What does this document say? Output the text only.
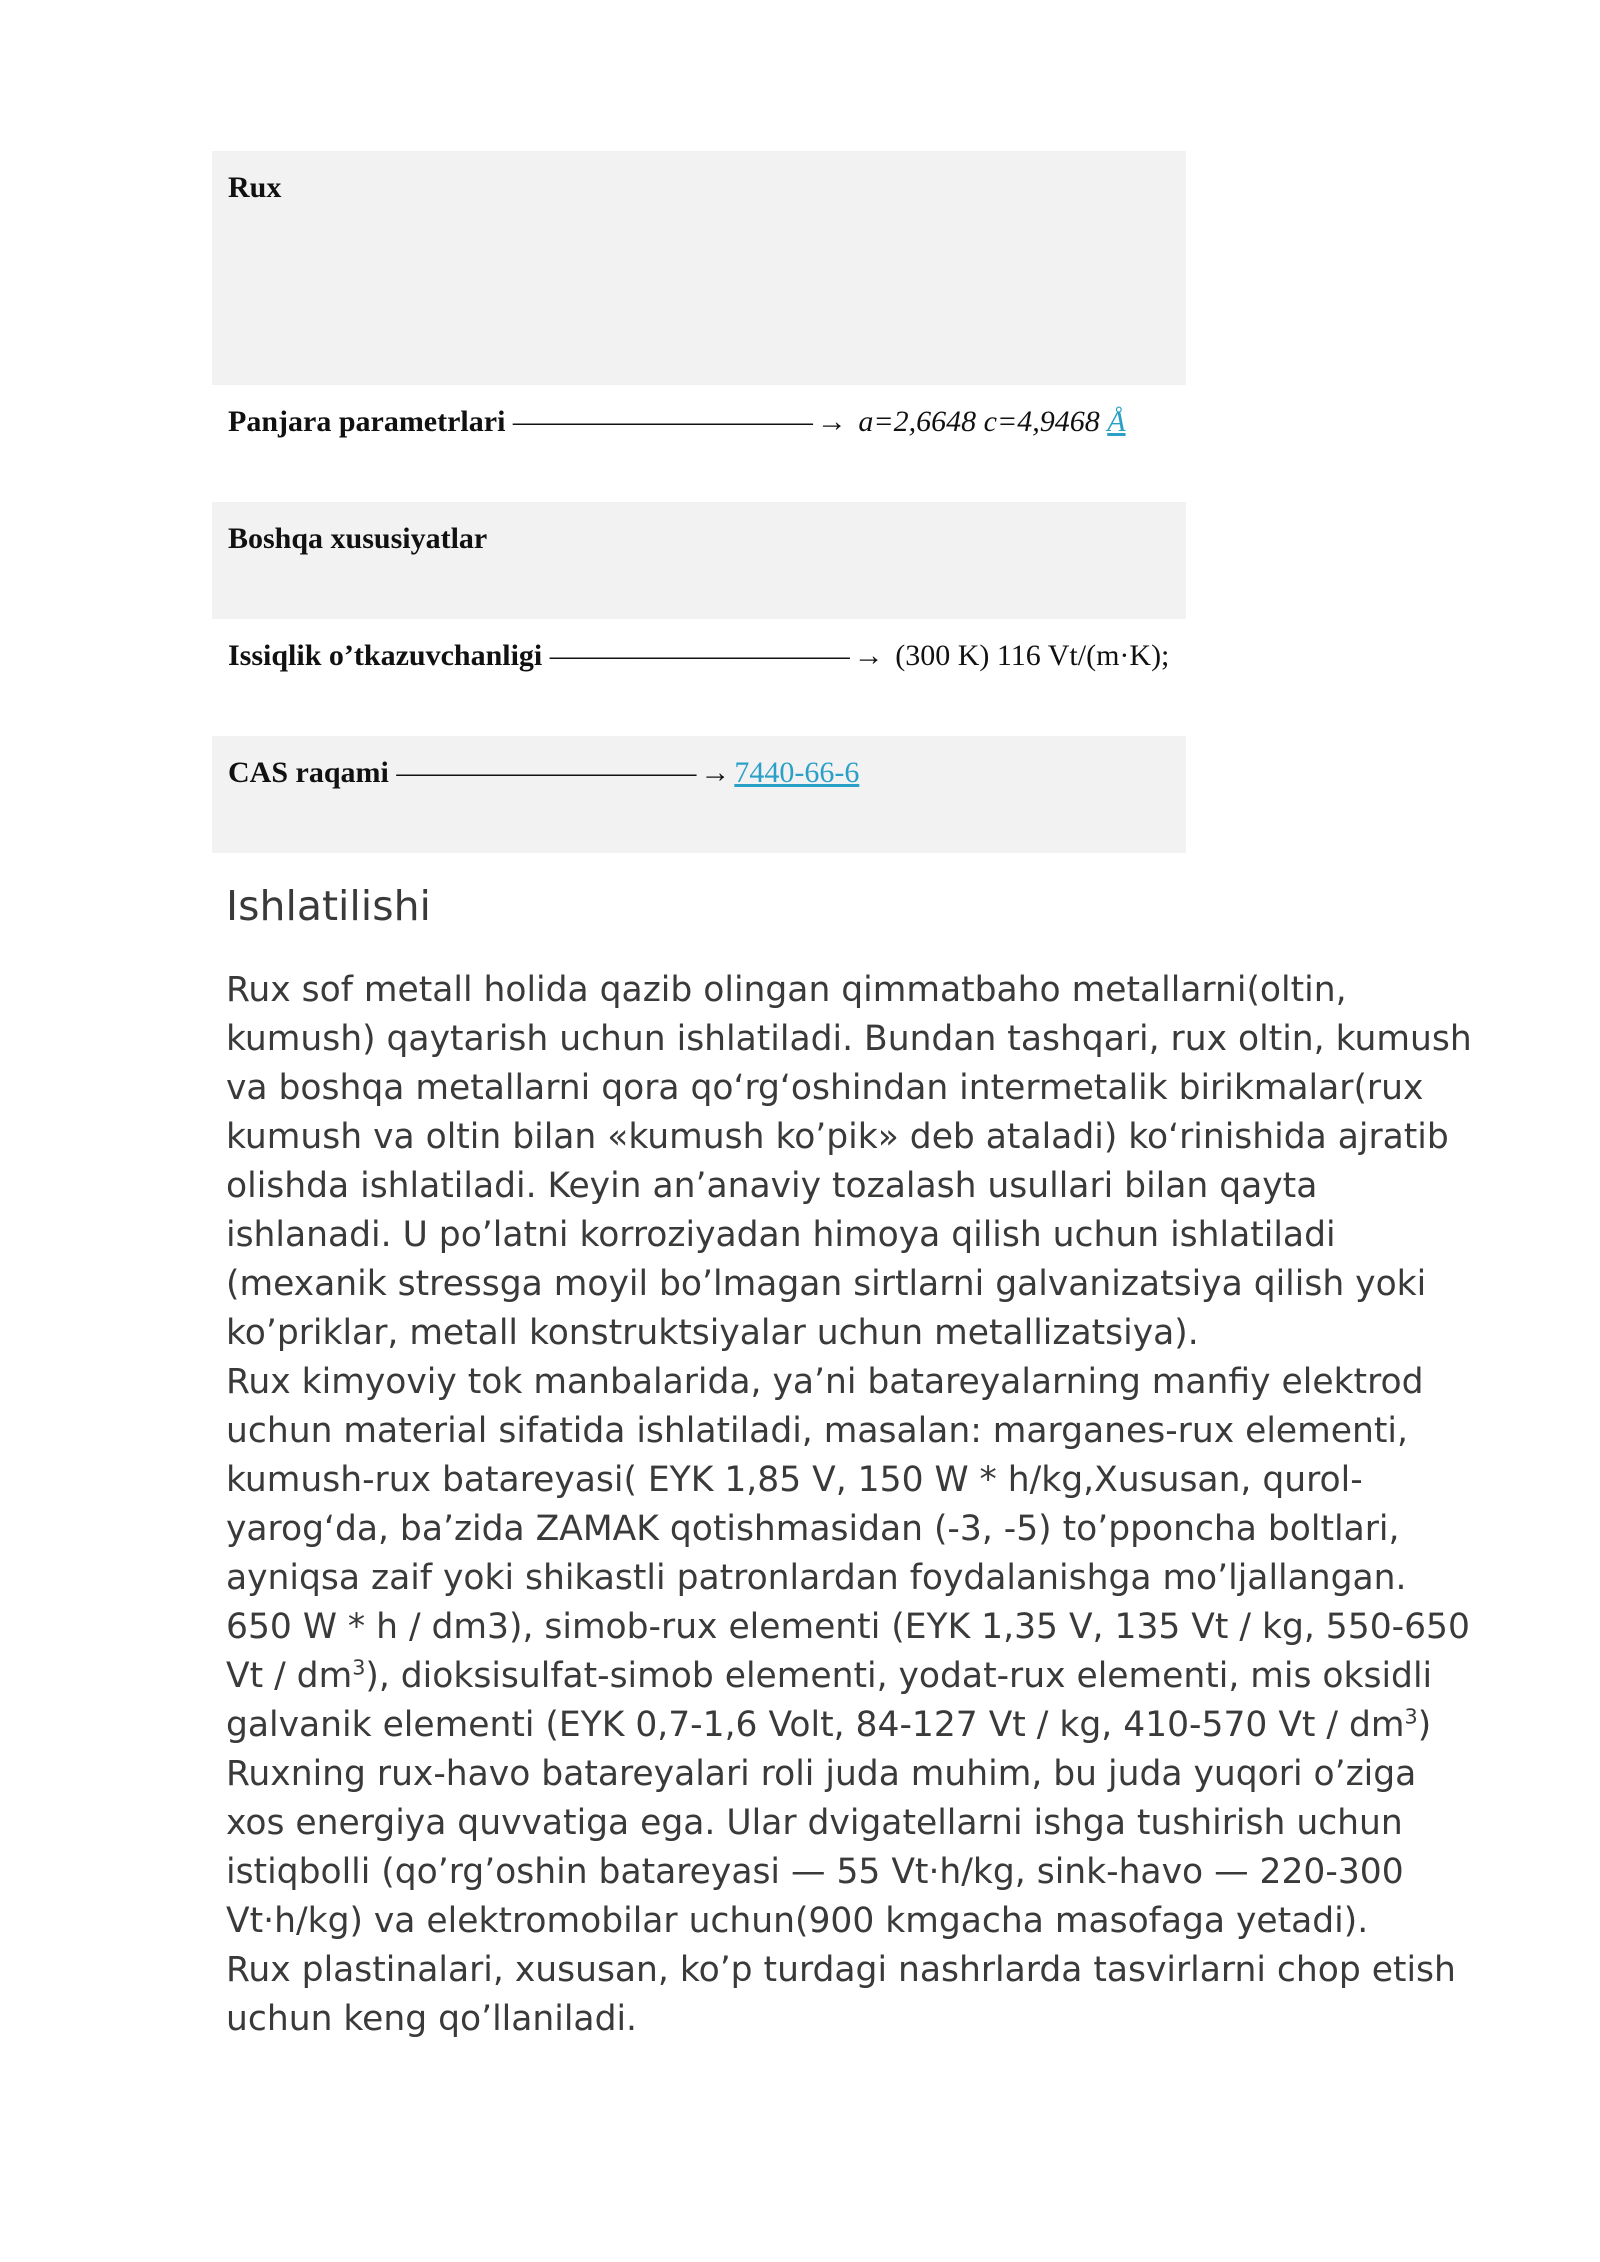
Rux
Panjara parametrlari —————————— → a=2,6648 c=4,9468 Å
Boshqa xususiyatlar
Issiqlik o’tkazuvchanligi —————————— → (300 K) 116 Vt/(m·K);
CAS raqami —————————— → 7440-66-6
Ishlatilishi

Rux sof metall holida qazib olingan qimmatbaho metallarni(oltin, kumush) qaytarish uchun ishlatiladi. Bundan tashqari, rux oltin, kumush va boshqa metallarni qora qo‘rg‘oshindan intermetalik birikmalar(rux kumush va oltin bilan «kumush ko’pik» deb ataladi) ko‘rinishida ajratib olishda ishlatiladi. Keyin an’anaviy tozalash usullari bilan qayta ishlanadi. U po’latni korroziyadan himoya qilish uchun ishlatiladi (mexanik stressga moyil bo’lmagan sirtlarni galvanizatsiya qilish yoki ko’priklar, metall konstruktsiyalar uchun metallizatsiya).

Rux kimyoviy tok manbalarida, ya’ni batareyalarning manfiy elektrod uchun material sifatida ishlatiladi, masalan: marganes-rux elementi, kumush-rux batareyasi( EYK 1,85 V, 150 W * h/kg,Xususan, qurol-yarog‘da, ba’zida ZAMAK qotishmasidan (-3, -5) to’pponcha boltlari, ayniqsa zaif yoki shikastli patronlardan foydalanishga mo’ljallangan. 650 W * h / dm3), simob-rux elementi (EYK 1,35 V, 135 Vt / kg, 550-650 Vt / $dm^3$), dioksisulfat-simob elementi, yodat-rux elementi, mis oksidli galvanik elementi (EYK 0,7-1,6 Volt, 84-127 Vt / kg, 410-570 Vt / $dm^3$)

Ruxning rux-havo batareyalari roli juda muhim, bu juda yuqori o’ziga xos energiya quvvatiga ega. Ular dvigatellarni ishga tushirish uchun istiqbolli (qo’rg’oshin batareyasi — 55 Vt·h/kg, sink-havo — 220-300 Vt·h/kg) va elektromobilar uchun(900 kmgacha masofaga yetadi).

Rux plastinalari, xususan, ko’p turdagi nashrlarda tasvirlarni chop etish uchun keng qo’llaniladi.
